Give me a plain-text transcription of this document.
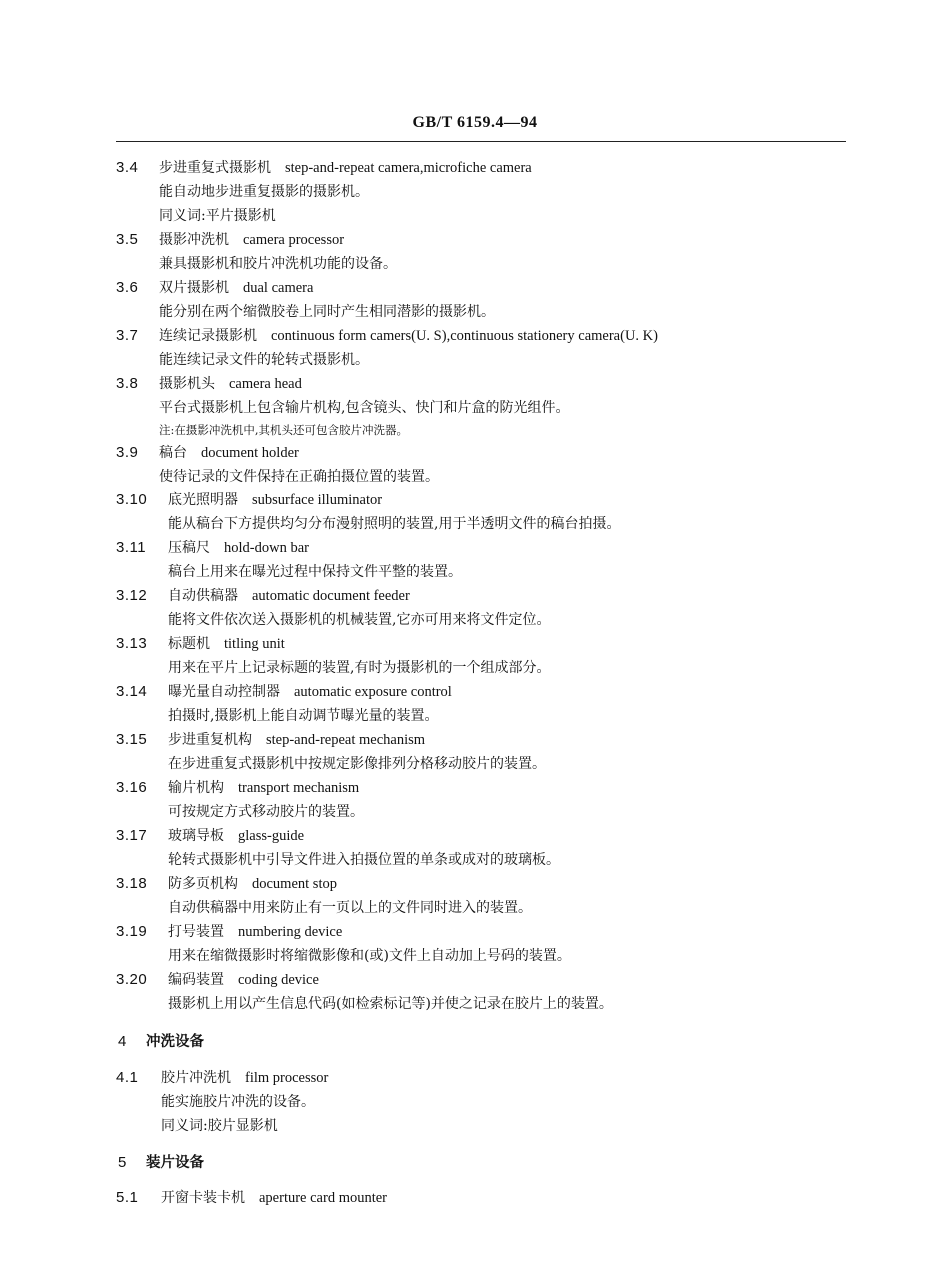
GB/T 6159.4—94
3.4 步进重复式摄影机 step-and-repeat camera,microfiche camera
能自动地步进重复摄影的摄影机。
同义词:平片摄影机
3.5 摄影冲洗机 camera processor
兼具摄影机和胶片冲洗机功能的设备。
3.6 双片摄影机 dual camera
能分别在两个缩微胶卷上同时产生相同潜影的摄影机。
3.7 连续记录摄影机 continuous form camers(U. S),continuous stationery camera(U. K)
能连续记录文件的轮转式摄影机。
3.8 摄影机头 camera head
平台式摄影机上包含输片机构,包含镜头、快门和片盒的防光组件。
注:在摄影冲洗机中,其机头还可包含胶片冲洗器。
3.9 稿台 document holder
使待记录的文件保持在正确拍摄位置的装置。
3.10 底光照明器 subsurface illuminator
能从稿台下方提供均匀分布漫射照明的装置,用于半透明文件的稿台拍摄。
3.11 压稿尺 hold-down bar
稿台上用来在曝光过程中保持文件平整的装置。
3.12 自动供稿器 automatic document feeder
能将文件依次送入摄影机的机械装置,它亦可用来将文件定位。
3.13 标题机 titling unit
用来在平片上记录标题的装置,有时为摄影机的一个组成部分。
3.14 曝光量自动控制器 automatic exposure control
拍摄时,摄影机上能自动调节曝光量的装置。
3.15 步进重复机构 step-and-repeat mechanism
在步进重复式摄影机中按规定影像排列分格移动胶片的装置。
3.16 输片机构 transport mechanism
可按规定方式移动胶片的装置。
3.17 玻璃导板 glass-guide
轮转式摄影机中引导文件进入拍摄位置的单条或成对的玻璃板。
3.18 防多页机构 document stop
自动供稿器中用来防止有一页以上的文件同时进入的装置。
3.19 打号装置 numbering device
用来在缩微摄影时将缩微影像和(或)文件上自动加上号码的装置。
3.20 编码装置 coding device
摄影机上用以产生信息代码(如检索标记等)并使之记录在胶片上的装置。
4 冲洗设备
4.1 胶片冲洗机 film processor
能实施胶片冲洗的设备。
同义词:胶片显影机
5 装片设备
5.1 开窗卡装卡机 aperture card mounter
